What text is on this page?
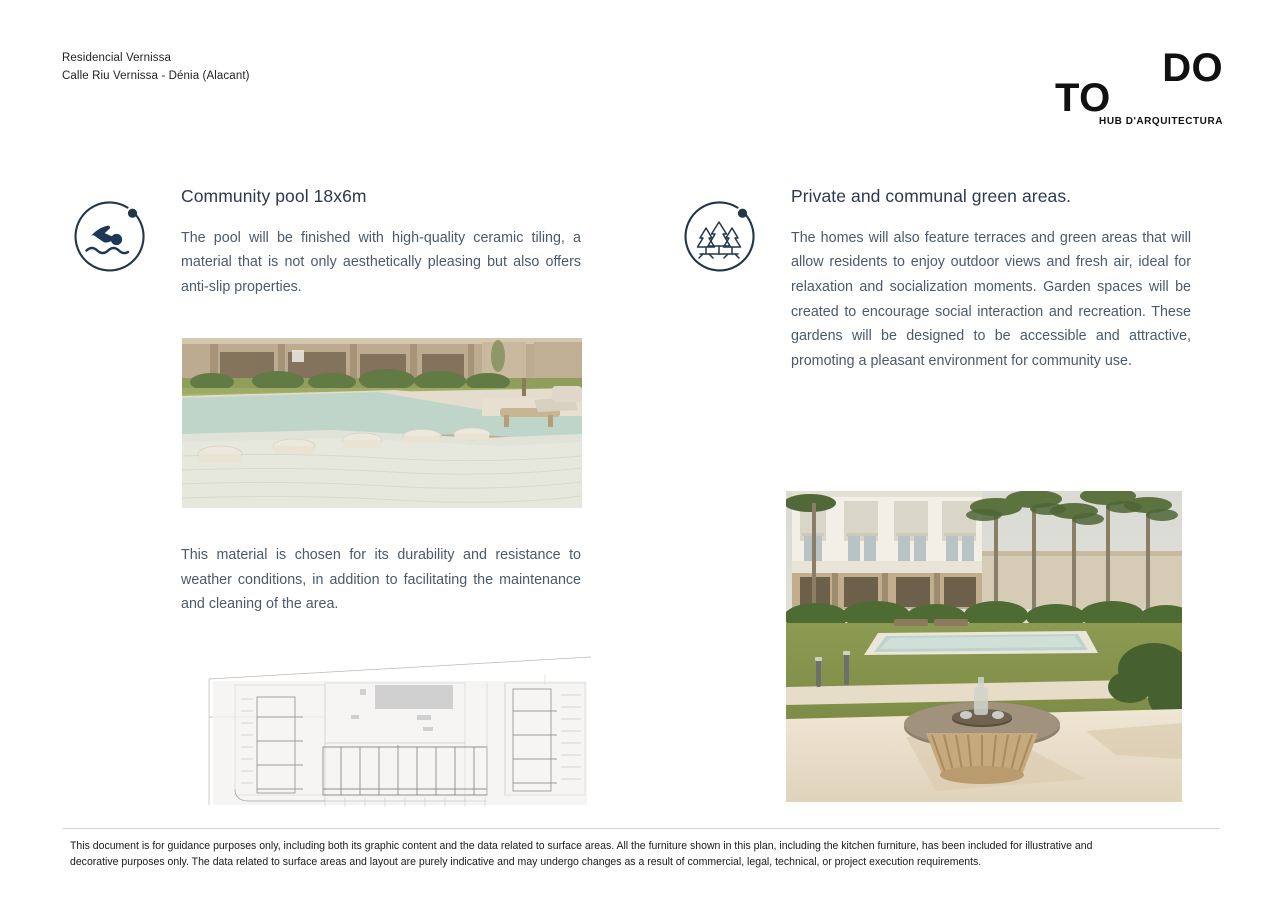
Residencial Vernissa
Calle Riu Vernissa - Dénia (Alacant)	DO
TO
HUB D'ARQUITECTURA
Community pool 18x6m

The pool will be finished with high-quality ceramic tiling, a material that is not only aesthetically pleasing but also offers anti-slip properties.

This material is chosen for its durability and resistance to weather conditions, in addition to facilitating the maintenance and cleaning of the area.

Private and communal green areas.

The homes will also feature terraces and green areas that will allow residents to enjoy outdoor views and fresh air, ideal for relaxation and socialization moments. Garden spaces will be created to encourage social interaction and recreation. These gardens will be designed to be accessible and attractive, promoting a pleasant environment for community use.

This document is for guidance purposes only, including both its graphic content and the data related to surface areas. All the furniture shown in this plan, including the kitchen furniture, has been included for illustrative and decorative purposes only. The data related to surface areas and layout are purely indicative and may undergo changes as a result of commercial, legal, technical, or project execution requirements.
